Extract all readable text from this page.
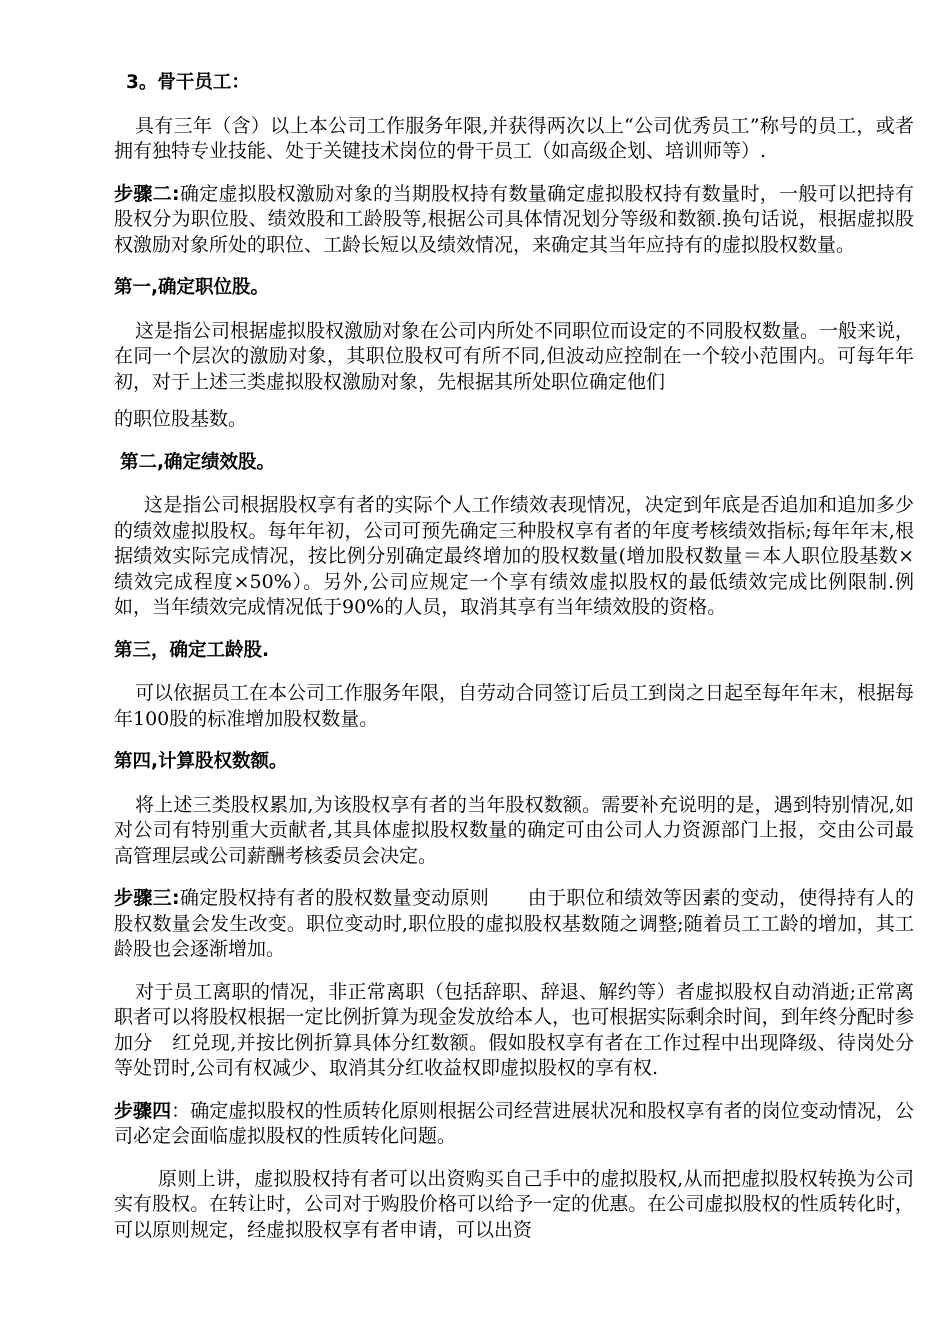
3。骨干员工：

具有三年（含）以上本公司工作服务年限,并获得两次以上“公司优秀员工”称号的员工，或者拥有独特专业技能、处于关键技术岗位的骨干员工（如高级企划、培训师等）.

步骤二:确定虚拟股权激励对象的当期股权持有数量确定虚拟股权持有数量时，一般可以把持有股权分为职位股、绩效股和工龄股等,根据公司具体情况划分等级和数额.换句话说，根据虚拟股权激励对象所处的职位、工龄长短以及绩效情况，来确定其当年应持有的虚拟股权数量。

第一,确定职位股。

这是指公司根据虚拟股权激励对象在公司内所处不同职位而设定的不同股权数量。一般来说，在同一个层次的激励对象，其职位股权可有所不同,但波动应控制在一个较小范围内。可每年年初，对于上述三类虚拟股权激励对象，先根据其所处职位确定他们

的职位股基数。

第二,确定绩效股。

这是指公司根据股权享有者的实际个人工作绩效表现情况，决定到年底是否追加和追加多少的绩效虚拟股权。每年年初，公司可预先确定三种股权享有者的年度考核绩效指标;每年年末,根据绩效实际完成情况，按比例分别确定最终增加的股权数量(增加股权数量＝本人职位股基数×绩效完成程度×50%）。另外,公司应规定一个享有绩效虚拟股权的最低绩效完成比例限制.例如，当年绩效完成情况低于90%的人员，取消其享有当年绩效股的资格。

第三，确定工龄股.

可以依据员工在本公司工作服务年限，自劳动合同签订后员工到岗之日起至每年年末，根据每年100股的标准增加股权数量。

第四,计算股权数额。

将上述三类股权累加,为该股权享有者的当年股权数额。需要补充说明的是，遇到特别情况,如对公司有特别重大贡献者,其具体虚拟股权数量的确定可由公司人力资源部门上报，交由公司最高管理层或公司薪酬考核委员会决定。

步骤三:确定股权持有者的股权数量变动原则　　由于职位和绩效等因素的变动，使得持有人的股权数量会发生改变。职位变动时,职位股的虚拟股权基数随之调整;随着员工工龄的增加，其工龄股也会逐渐增加。

对于员工离职的情况，非正常离职（包括辞职、辞退、解约等）者虚拟股权自动消逝;正常离职者可以将股权根据一定比例折算为现金发放给本人，也可根据实际剩余时间，到年终分配时参加分　红兑现,并按比例折算具体分红数额。假如股权享有者在工作过程中出现降级、待岗处分等处罚时,公司有权减少、取消其分红收益权即虚拟股权的享有权.

步骤四：确定虚拟股权的性质转化原则根据公司经营进展状况和股权享有者的岗位变动情况，公司必定会面临虚拟股权的性质转化问题。

原则上讲，虚拟股权持有者可以出资购买自己手中的虚拟股权,从而把虚拟股权转换为公司实有股权。在转让时，公司对于购股价格可以给予一定的优惠。在公司虚拟股权的性质转化时，可以原则规定，经虚拟股权享有者申请，可以出资
